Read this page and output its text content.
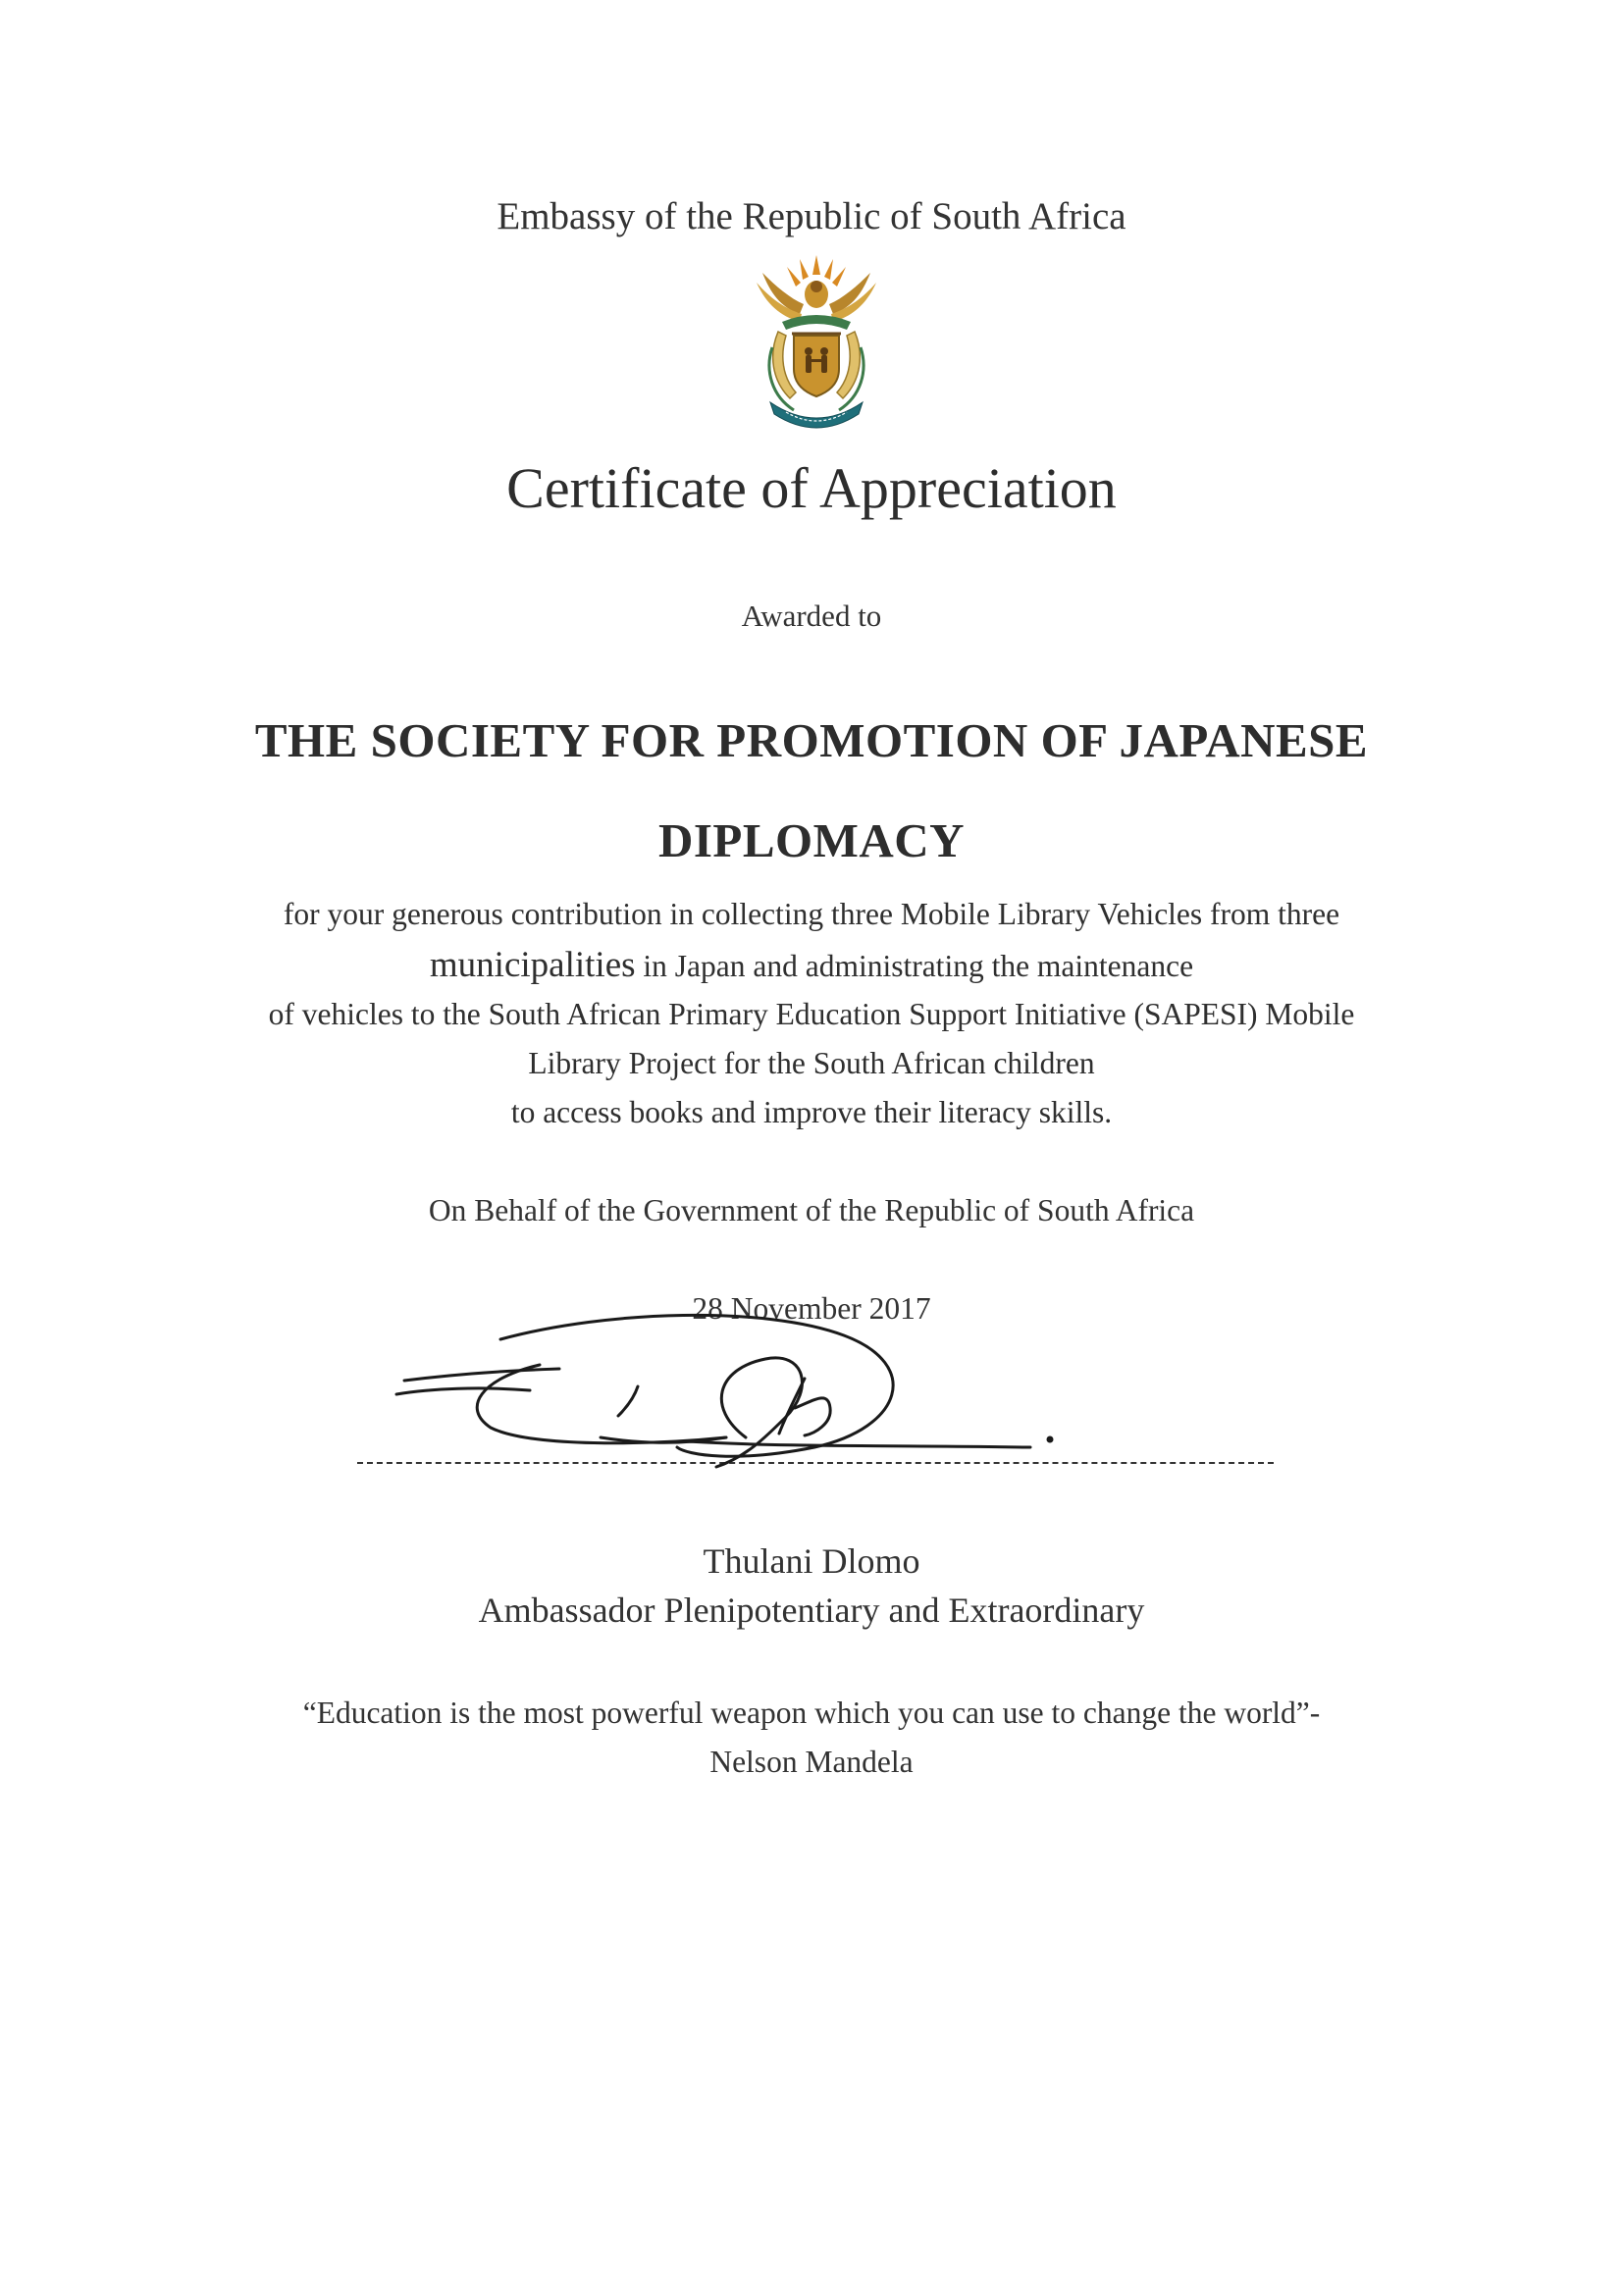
Embassy of the Republic of South Africa
Certificate of Appreciation
Awarded to
THE SOCIETY FOR PROMOTION OF JAPANESE
DIPLOMACY
for your generous contribution in collecting three Mobile Library Vehicles from three
municipalities in Japan and administrating the maintenance
of vehicles to the South African Primary Education Support Initiative (SAPESI) Mobile
Library Project for the South African children
to access books and improve their literacy skills.
On Behalf of the Government of the Republic of South Africa
28 November 2017
Thulani Dlomo
Ambassador Plenipotentiary and Extraordinary
“Education is the most powerful weapon which you can use to change the world”-
Nelson Mandela
